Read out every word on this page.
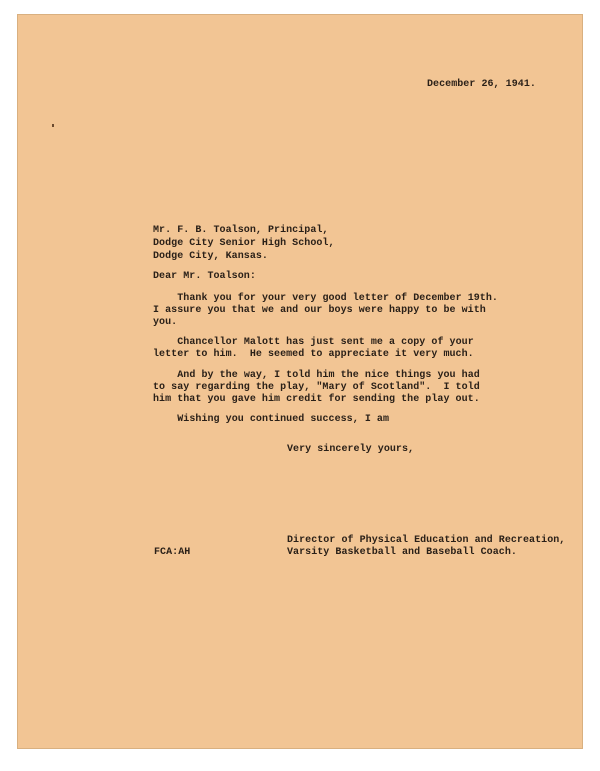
December 26, 1941.
Mr. F. B. Toalson, Principal,
Dodge City Senior High School,
Dodge City, Kansas.
Dear Mr. Toalson:
Thank you for your very good letter of December 19th.
I assure you that we and our boys were happy to be with
you.
Chancellor Malott has just sent me a copy of your
letter to him.  He seemed to appreciate it very much.
And by the way, I told him the nice things you had
to say regarding the play, "Mary of Scotland".  I told
him that you gave him credit for sending the play out.
Wishing you continued success, I am
Very sincerely yours,
Director of Physical Education and Recreation,
Varsity Basketball and Baseball Coach.
FCA:AH
